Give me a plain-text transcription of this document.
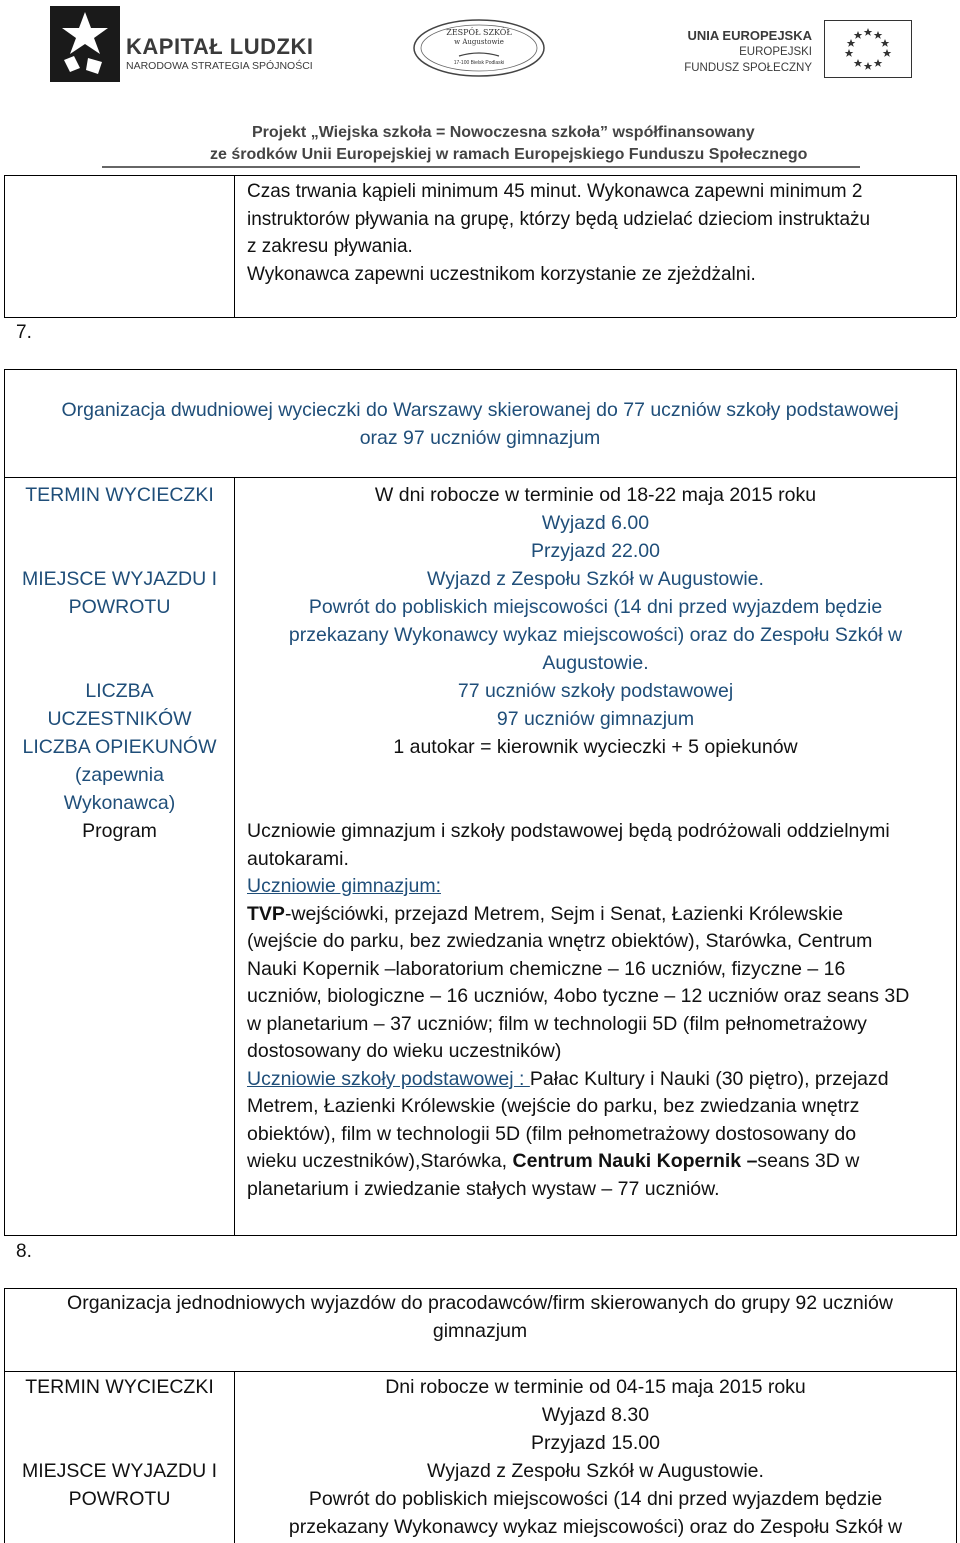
KAPITAŁ LUDZKI
NARODOWA STRATEGIA SPÓJNOŚCI
ZESPÓŁ SZKÓŁ
w Augustowie
17-100 Bielsk Podlaski
UNIA EUROPEJSKA
EUROPEJSKI
FUNDUSZ SPOŁECZNY
Projekt „Wiejska szkoła = Nowoczesna szkoła” współfinansowany
ze środków Unii Europejskiej w ramach Europejskiego Funduszu Społecznego
Czas trwania kąpieli minimum 45 minut. Wykonawca zapewni minimum 2
instruktorów pływania na grupę, którzy będą udzielać dzieciom instruktażu
z zakresu pływania.
Wykonawca zapewni uczestnikom korzystanie ze zjeżdżalni.
7.
Organizacja dwudniowej wycieczki do Warszawy skierowanej do 77 uczniów szkoły podstawowej
oraz 97 uczniów gimnazjum
TERMIN WYCIECZKI
MIEJSCE WYJAZDU I
POWROTU
LICZBA
UCZESTNIKÓW
LICZBA OPIEKUNÓW
(zapewnia
Wykonawca)
Program
W dni robocze w terminie od 18-22 maja 2015 roku
Wyjazd 6.00
Przyjazd 22.00
Wyjazd z Zespołu Szkół w Augustowie.
Powrót do pobliskich miejscowości (14 dni przed wyjazdem będzie
przekazany Wykonawcy wykaz miejscowości) oraz do Zespołu Szkół w
Augustowie.
77 uczniów szkoły podstawowej
97 uczniów gimnazjum
1 autokar = kierownik wycieczki + 5 opiekunów
Uczniowie gimnazjum i szkoły podstawowej będą podróżowali oddzielnymi
autokarami.
Uczniowie gimnazjum:
TVP-wejściówki, przejazd Metrem, Sejm i Senat, Łazienki Królewskie
(wejście do parku, bez zwiedzania wnętrz obiektów), Starówka, Centrum
Nauki Kopernik –laboratorium chemiczne – 16 uczniów, fizyczne – 16
uczniów, biologiczne – 16 uczniów, 4obo tyczne – 12 uczniów oraz seans 3D
w planetarium – 37 uczniów; film w technologii 5D (film pełnometrażowy
dostosowany do wieku uczestników)
Uczniowie szkoły podstawowej : Pałac Kultury i Nauki (30 piętro), przejazd
Metrem, Łazienki Królewskie (wejście do parku, bez zwiedzania wnętrz
obiektów), film w technologii 5D (film pełnometrażowy dostosowany do
wieku uczestników),Starówka, Centrum Nauki Kopernik –seans 3D w
planetarium i zwiedzanie stałych wystaw – 77 uczniów.
8.
Organizacja jednodniowych wyjazdów do pracodawców/firm skierowanych do grupy 92 uczniów
gimnazjum
TERMIN WYCIECZKI
MIEJSCE WYJAZDU I
POWROTU
Dni robocze w terminie od 04-15 maja 2015 roku
Wyjazd 8.30
Przyjazd 15.00
Wyjazd z Zespołu Szkół w Augustowie.
Powrót do pobliskich miejscowości (14 dni przed wyjazdem będzie
przekazany Wykonawcy wykaz miejscowości) oraz do Zespołu Szkół w
